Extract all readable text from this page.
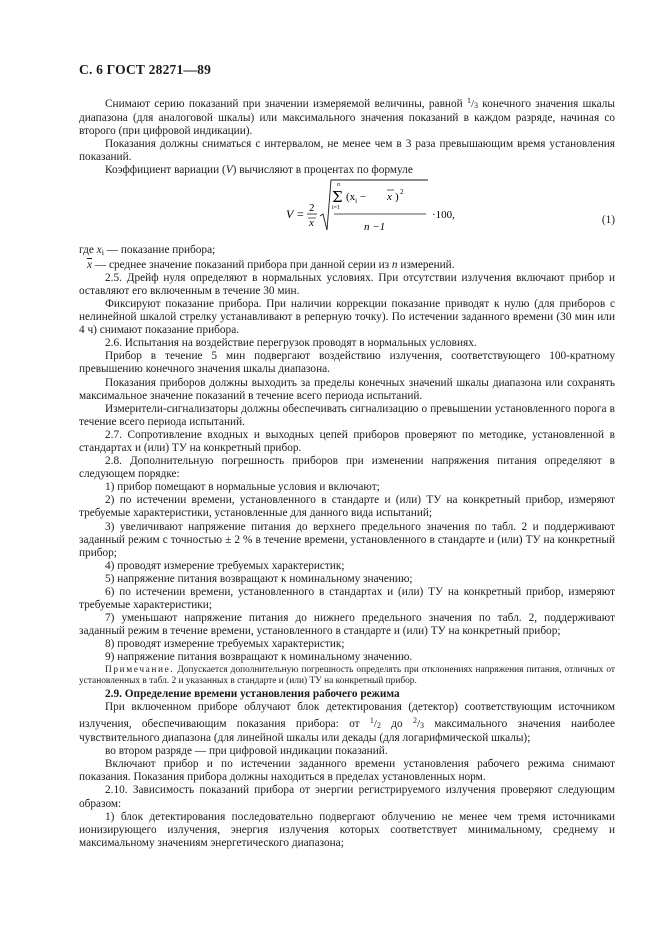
С. 6 ГОСТ 28271—89

Снимают серию показаний при значении измеряемой величины, равной $^1/_3$ конечного значения шкалы диапазона (для аналоговой шкалы) или максимального значения показаний в каждом разряде, начиная со второго (при цифровой индикации).

Показания должны сниматься с интервалом, не менее чем в 3 раза превышающим время установления показаний.

Коэффициент вариации (V) вычисляют в процентах по формуле

V = 2
x
n
Σ
i=1
($x_i - x$ ) 2
n −1
·100,	(1)

где $x_i$ — показание прибора;

$\overline{x}$ — среднее значение показаний прибора при данной серии из n измерений.

2.5. Дрейф нуля определяют в нормальных условиях. При отсутствии излучения включают прибор и оставляют его включенным в течение 30 мин.

Фиксируют показание прибора. При наличии коррекции показание приводят к нулю (для приборов с нелинейной шкалой стрелку устанавливают в реперную точку). По истечении заданного времени (30 мин или 4 ч) снимают показание прибора.

2.6. Испытания на воздействие перегрузок проводят в нормальных условиях.

Прибор в течение 5 мин подвергают воздействию излучения, соответствующего 100-кратному превышению конечного значения шкалы диапазона.

Показания приборов должны выходить за пределы конечных значений шкалы диапазона или сохранять максимальное значение показаний в течение всего периода испытаний.

Измерители-сигнализаторы должны обеспечивать сигнализацию о превышении установленного порога в течение всего периода испытаний.

2.7. Сопротивление входных и выходных цепей приборов проверяют по методике, установленной в стандартах и (или) ТУ на конкретный прибор.

2.8. Дополнительную погрешность приборов при изменении напряжения питания определяют в следующем порядке:

1) прибор помещают в нормальные условия и включают;

2) по истечении времени, установленного в стандарте и (или) ТУ на конкретный прибор, измеряют требуемые характеристики, установленные для данного вида испытаний;

3) увеличивают напряжение питания до верхнего предельного значения по табл. 2 и поддерживают заданный режим с точностью ± 2 % в течение времени, установленного в стандарте и (или) ТУ на конкретный прибор;

4) проводят измерение требуемых характеристик;

5) напряжение питания возвращают к номинальному значению;

6) по истечении времени, установленного в стандартах и (или) ТУ на конкретный прибор, измеряют требуемые характеристики;

7) уменьшают напряжение питания до нижнего предельного значения по табл. 2, поддерживают заданный режим в течение времени, установленного в стандарте и (или) ТУ на конкретный прибор;

8) проводят измерение требуемых характеристик;

9) напряжение питания возвращают к номинальному значению.

Примечание. Допускается дополнительную погрешность определять при отклонениях напряжения питания, отличных от установленных в табл. 2 и указанных в стандарте и (или) ТУ на конкретный прибор.

2.9. Определение времени установления рабочего режима

При включенном приборе облучают блок детектирования (детектор) соответствующим источником излучения, обеспечивающим показания прибора: от $^1/_2$ до $^2/_3$ максимального значения наиболее чувствительного диапазона (для линейной шкалы или декады (для логарифмической шкалы);

во втором разряде — при цифровой индикации показаний.

Включают прибор и по истечении заданного времени установления рабочего режима снимают показания. Показания прибора должны находиться в пределах установленных норм.

2.10. Зависимость показаний прибора от энергии регистрируемого излучения проверяют следующим образом:

1) блок детектирования последовательно подвергают облучению не менее чем тремя источниками ионизирующего излучения, энергия излучения которых соответствует минимальному, среднему и максимальному значениям энергетического диапазона;
